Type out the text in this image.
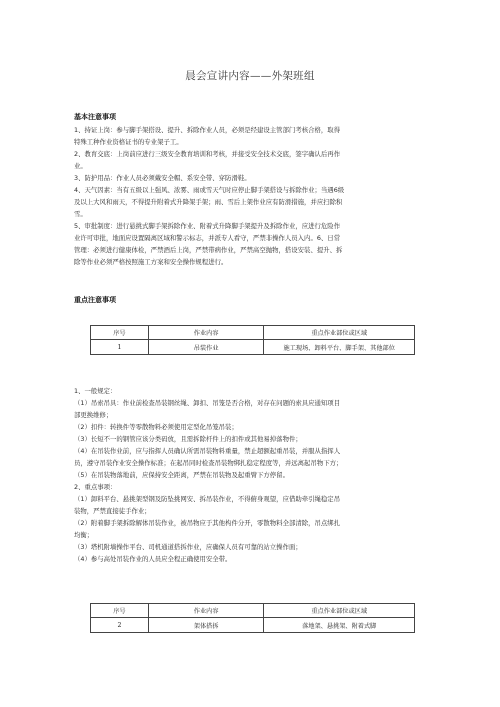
晨会宣讲内容——外架班组
基本注意事项

1、持证上岗：参与脚手架搭设、提升、拆除作业人员，必须是经建设主管部门考核合格，取得

特殊工种作业资格证书的专业架子工。

2、教育交底：上岗前应进行三级安全教育培训和考核，并接受安全技术交底，签字确认后再作

业。

3、防护用品：作业人员必须戴安全帽、系安全带、穿防滑鞋。

4、天气因素：当有五级以上强风、浓雾、雨或雪天气时应停止脚手架搭设与拆除作业；当遇6级

及以上大风和雨天，不得提升附着式升降架手架；雨、雪后上架作业应有防滑措施，并应扫除积

雪。

5、审批制度：进行悬挑式脚手架拆除作业、附着式升降脚手架提升及拆除作业，应进行危险作

业许可审批，地面应设置隔离区域和警示标志，并派专人看守，严禁非操作人员入内。6、日常

管理：必须进行健康体检，严禁酒后上岗，严禁带病作业，严禁高空抛物，搭设安装、提升、拆

除等作业必须严格按照施工方案和安全操作规程进行。

重点注意事项
序号	作业内容	重点作业部位或区域
1	吊装作业	施工现场、卸料平台、脚手架、其他部位

1、一般规定：

（1）吊索吊具：作业前检查吊装钢丝绳、卸扣、吊笼是否合格，对存在问题的索具应通知项目

部更换维修；

（2）扣件：转换件等零散物料必须使用定型化吊笼吊装；

（3）长短不一的钢管应该分类码放，且需拆除杆件上的扣件或其他易掉落物件；

（4）在吊装作业前，应与指挥人员确认所需吊装物料重量，禁止超额起重吊装，并服从指挥人

员，遵守吊装作业安全操作标准；在起吊同时检查吊装物绑扎稳定程度等，并远离起吊物下方；

（5）在吊装物落地前，应保持安全距离，严禁在吊装物及起重臂下方停留。

2、重点事项：

（1）卸料平台、悬挑架型钢及防坠挑网安、拆吊装作业，不得俯身观望，应借助牵引绳稳定吊

装物，严禁直接徒手作业；

（2）附着脚手架拆除解体吊装作业，被吊物应于其他构件分开，零散物料全部清除，吊点绑扎

均衡；

（3）塔机附墙操作平台、司机通道搭拆作业，应确保人员有可靠的站立操作面；

（4）参与高处吊装作业的人员应全程正确使用安全带。

序号	作业内容	重点作业部位或区域
2	架体搭拆	落地架、悬挑架、附着式脚
